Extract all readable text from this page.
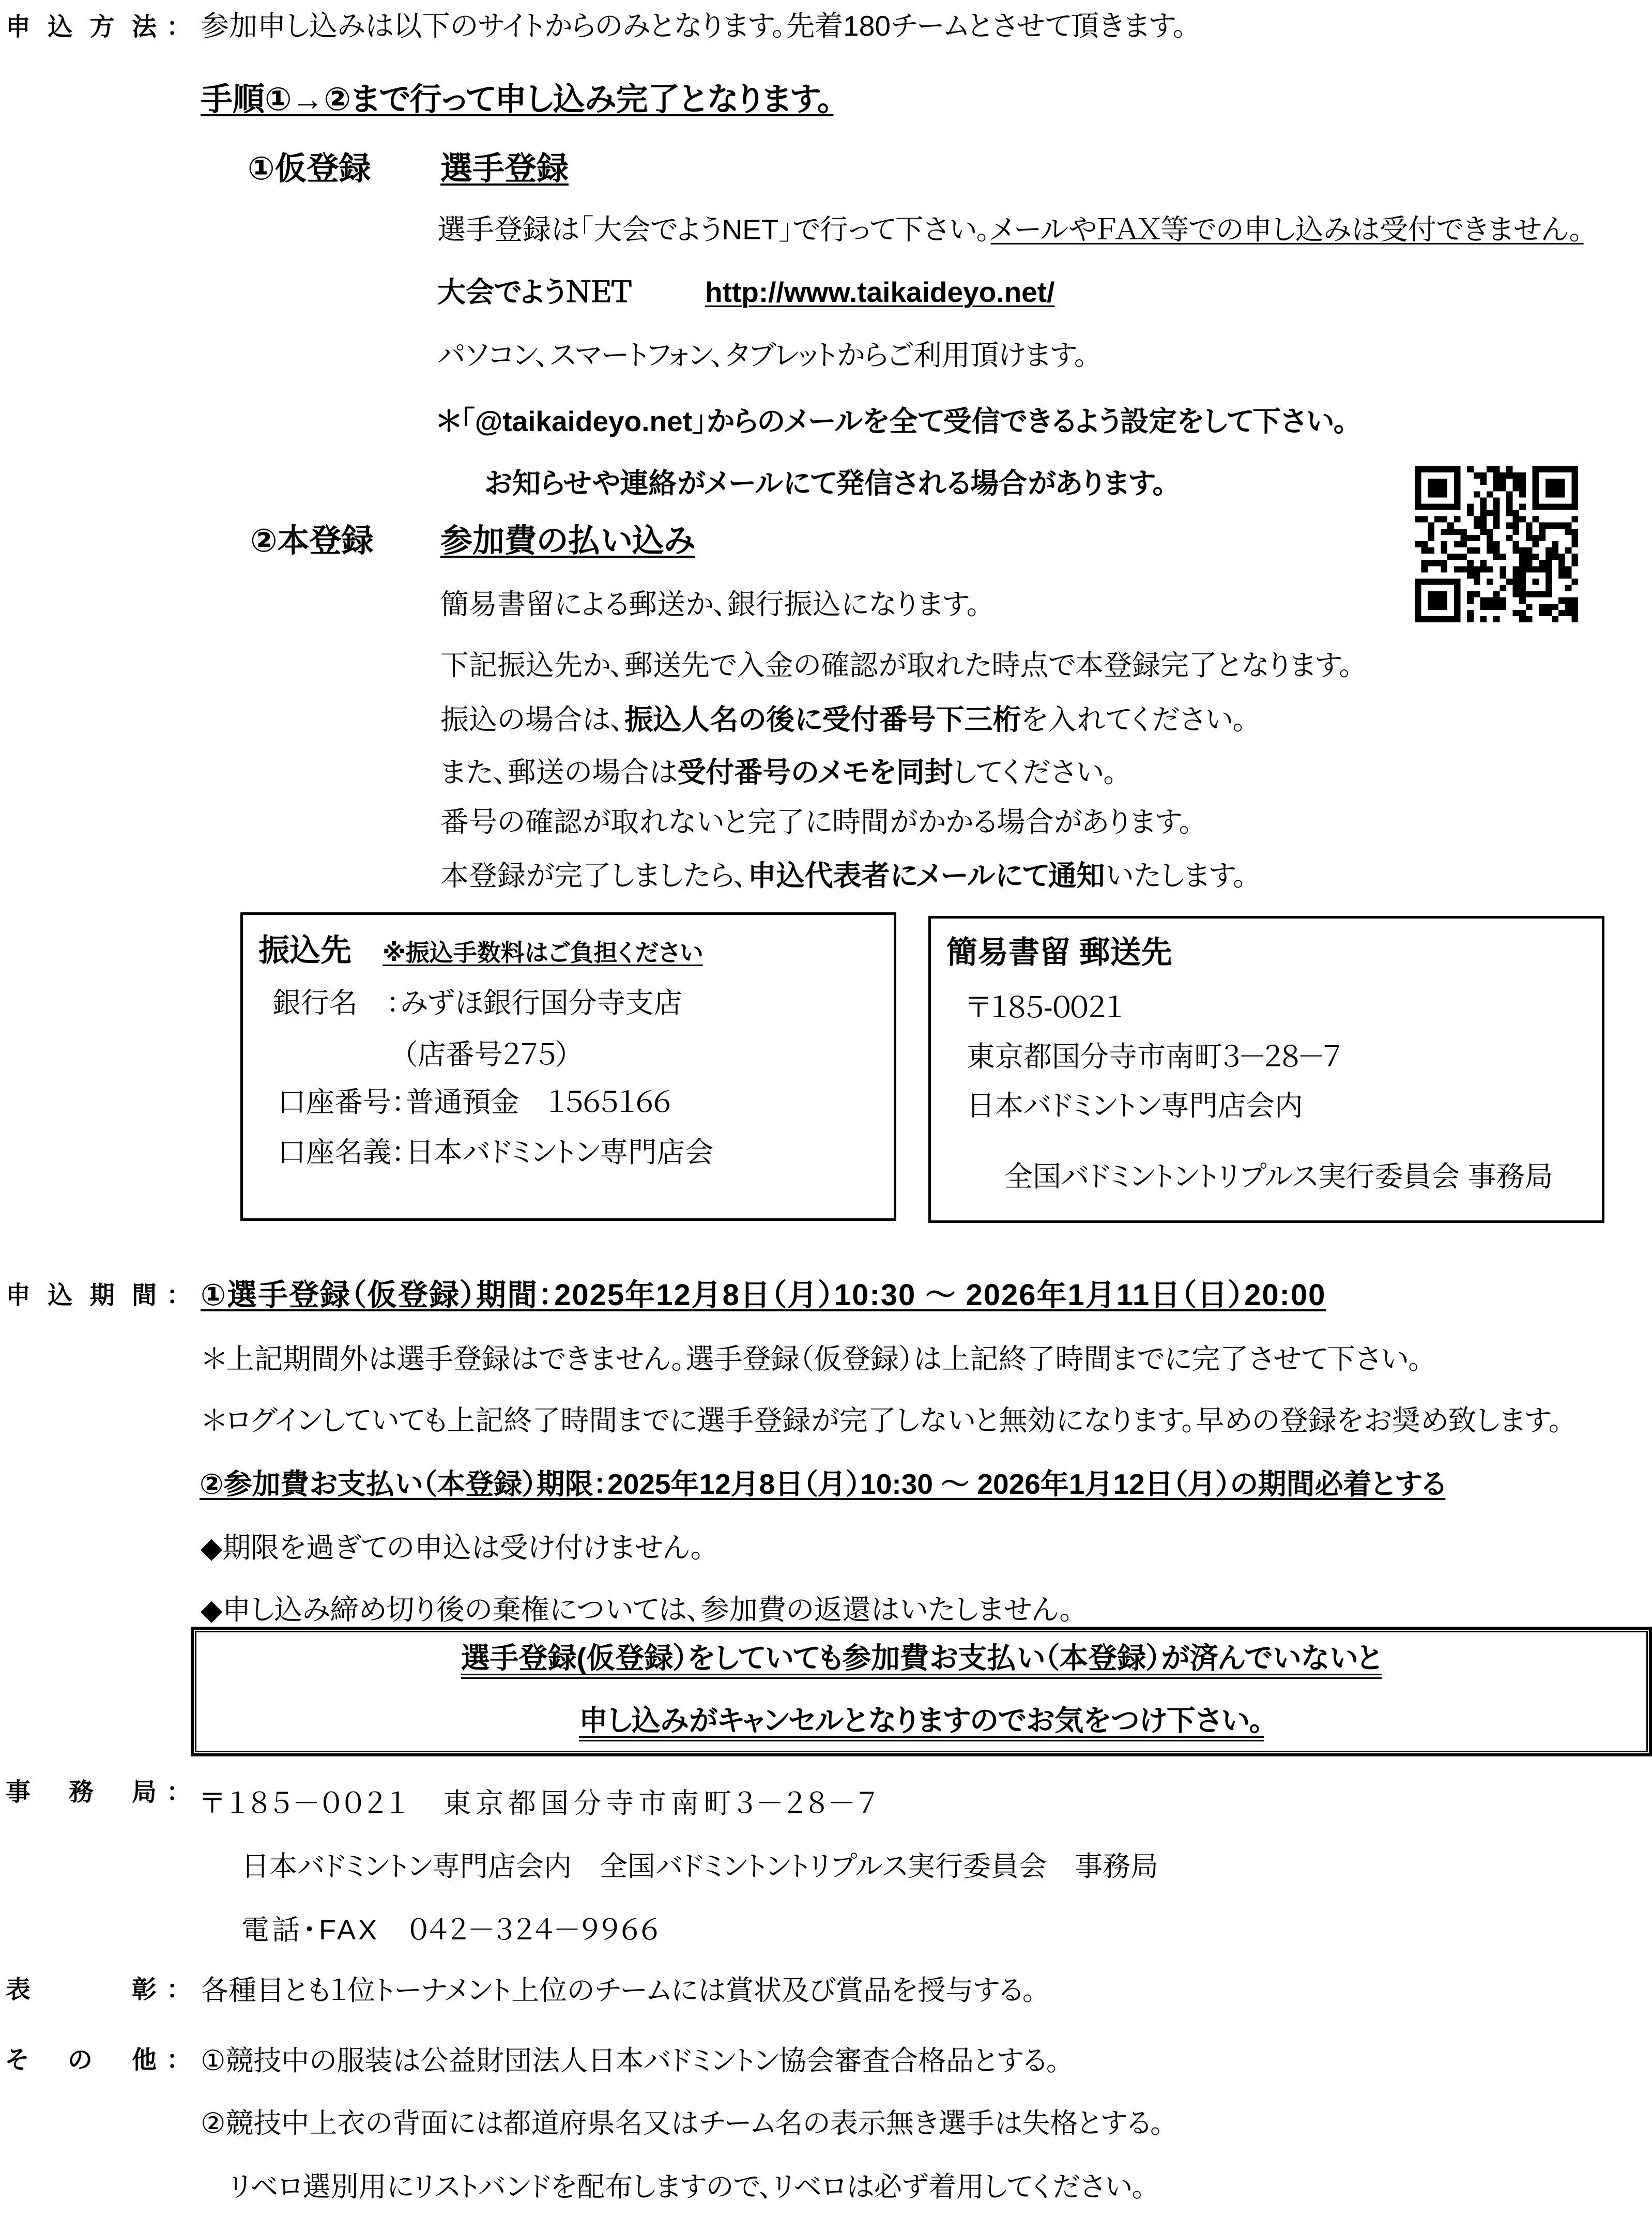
申込方法 ： 参加申し込みは以下のサイトからのみとなります。先着180チームとさせて頂きます。
手順①→②まで行って申し込み完了となります。
①仮登録 選手登録
選手登録は「大会でようNET」で行って下さい。メールやＦＡＸ等での申し込みは受付できません。
大会でようＮＥＴ	http://www.taikaideyo.net/
パソコン、スマートフォン、タブレットからご利用頂けます。
＊「@taikaideyo.net」からのメールを全て受信できるよう設定をして下さい。
お知らせや連絡がメールにて発信される場合があります。
②本登録 参加費の払い込み
簡易書留による郵送か、銀行振込になります。
下記振込先か、郵送先で入金の確認が取れた時点で本登録完了となります。
振込の場合は、振込人名の後に受付番号下三桁を入れてください。
また、郵送の場合は受付番号のメモを同封してください。
番号の確認が取れないと完了に時間がかかる場合があります。
本登録が完了しましたら、申込代表者にメールにて通知いたします。
振込先 ※振込手数料はご負担ください
銀行名　：みずほ銀行国分寺支店
（店番号２７５）
口座番号：普通預金　１５６５１６６
口座名義：日本バドミントン専門店会
簡易書留 郵送先
〒１８５-００２１
東京都国分寺市南町３－２８－７
日本バドミントン専門店会内
全国バドミントントリプルス実行委員会 事務局
申込期間 ： ①選手登録（仮登録）期間：2025年12月8日（月）10:30 ～ 2026年1月11日（日）20:00
＊上記期間外は選手登録はできません。選手登録（仮登録）は上記終了時間までに完了させて下さい。
＊ログインしていても上記終了時間までに選手登録が完了しないと無効になります。早めの登録をお奨め致します。
②参加費お支払い（本登録）期限：2025年12月8日（月）10:30 ～ 2026年1月12日（月）の期間必着とする
◆期限を過ぎての申込は受け付けません。
◆申し込み締め切り後の棄権については、参加費の返還はいたしません。
選手登録(仮登録）をしていても参加費お支払い（本登録）が済んでいないと
申し込みがキャンセルとなりますのでお気をつけ下さい。
事務局 ： 〒１８５－００２１　東京都国分寺市南町３－２８－７
日本バドミントン専門店会内　全国バドミントントリプルス実行委員会　事務局
電話・FAX　０４２－３２４－９９６６
表彰 ： 各種目とも１位トーナメント上位のチームには賞状及び賞品を授与する。
その他 ： ①競技中の服装は公益財団法人日本バドミントン協会審査合格品とする。
②競技中上衣の背面には都道府県名又はチーム名の表示無き選手は失格とする。
リベロ選別用にリストバンドを配布しますので、リベロは必ず着用してください。
